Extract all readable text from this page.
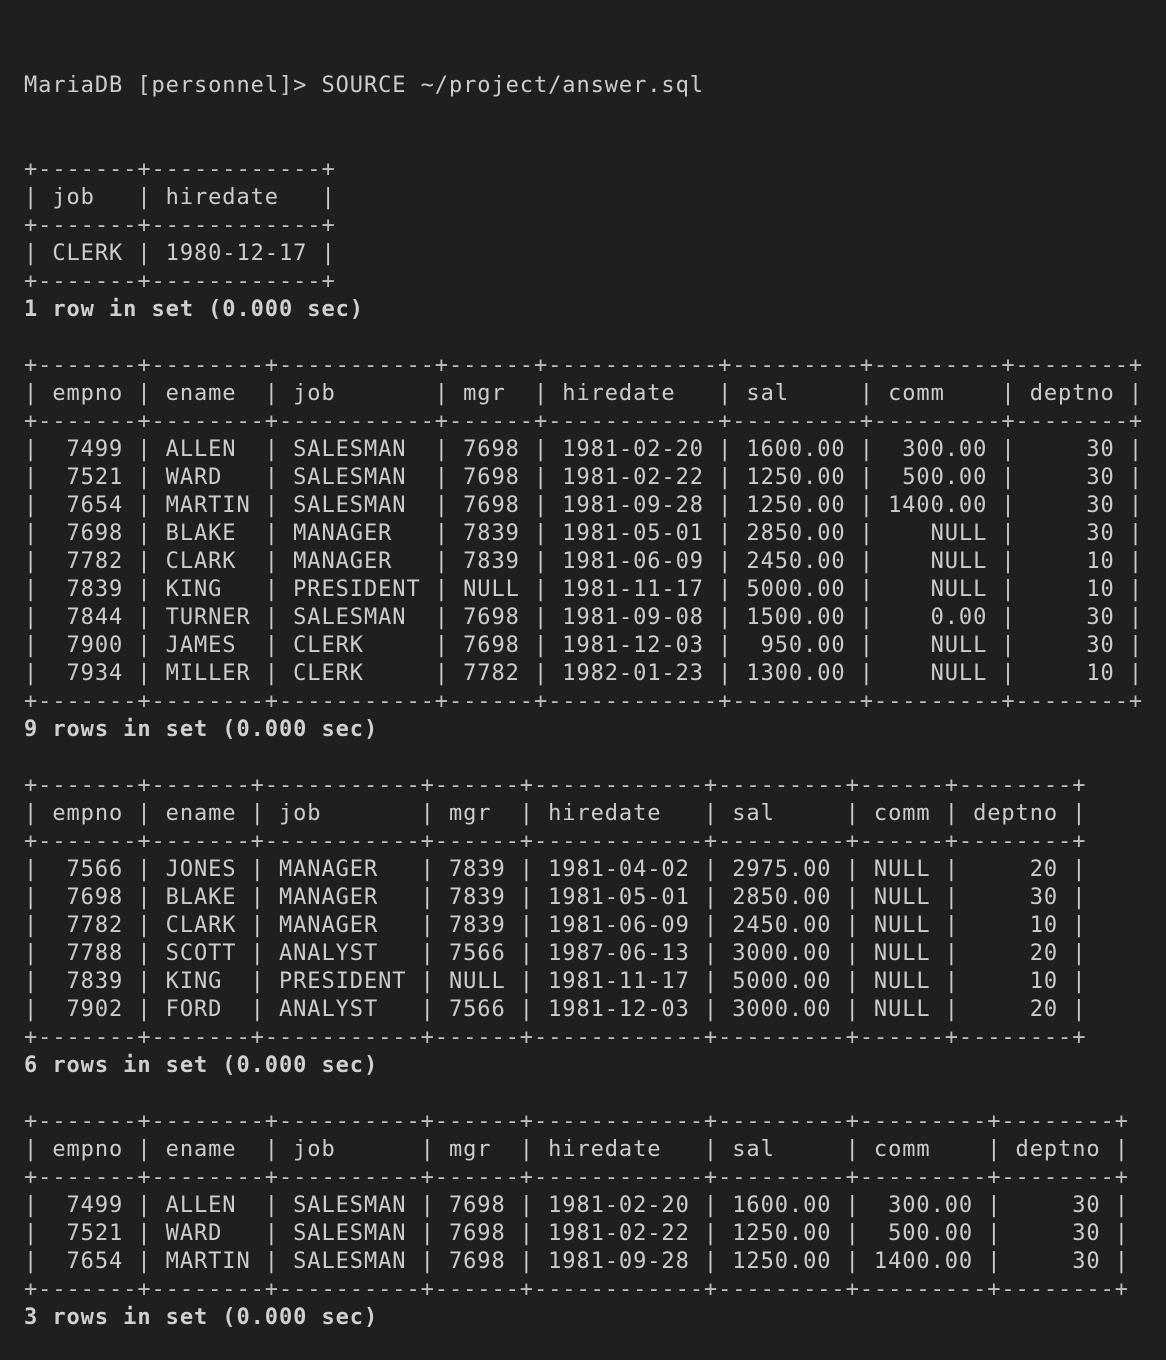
MariaDB [personnel]> SOURCE ~/project/answer.sql

+-------+------------+
| job   | hiredate   |
+-------+------------+
| CLERK | 1980-12-17 |
+-------+------------+
1 row in set (0.000 sec)
+-------+--------+-----------+------+------------+---------+---------+--------+
| empno | ename  | job       | mgr  | hiredate   | sal     | comm    | deptno |
+-------+--------+-----------+------+------------+---------+---------+--------+
|  7499 | ALLEN  | SALESMAN  | 7698 | 1981-02-20 | 1600.00 |  300.00 |     30 |
|  7521 | WARD   | SALESMAN  | 7698 | 1981-02-22 | 1250.00 |  500.00 |     30 |
|  7654 | MARTIN | SALESMAN  | 7698 | 1981-09-28 | 1250.00 | 1400.00 |     30 |
|  7698 | BLAKE  | MANAGER   | 7839 | 1981-05-01 | 2850.00 |    NULL |     30 |
|  7782 | CLARK  | MANAGER   | 7839 | 1981-06-09 | 2450.00 |    NULL |     10 |
|  7839 | KING   | PRESIDENT | NULL | 1981-11-17 | 5000.00 |    NULL |     10 |
|  7844 | TURNER | SALESMAN  | 7698 | 1981-09-08 | 1500.00 |    0.00 |     30 |
|  7900 | JAMES  | CLERK     | 7698 | 1981-12-03 |  950.00 |    NULL |     30 |
|  7934 | MILLER | CLERK     | 7782 | 1982-01-23 | 1300.00 |    NULL |     10 |
+-------+--------+-----------+------+------------+---------+---------+--------+
9 rows in set (0.000 sec)
+-------+-------+-----------+------+------------+---------+------+--------+
| empno | ename | job       | mgr  | hiredate   | sal     | comm | deptno |
+-------+-------+-----------+------+------------+---------+------+--------+
|  7566 | JONES | MANAGER   | 7839 | 1981-04-02 | 2975.00 | NULL |     20 |
|  7698 | BLAKE | MANAGER   | 7839 | 1981-05-01 | 2850.00 | NULL |     30 |
|  7782 | CLARK | MANAGER   | 7839 | 1981-06-09 | 2450.00 | NULL |     10 |
|  7788 | SCOTT | ANALYST   | 7566 | 1987-06-13 | 3000.00 | NULL |     20 |
|  7839 | KING  | PRESIDENT | NULL | 1981-11-17 | 5000.00 | NULL |     10 |
|  7902 | FORD  | ANALYST   | 7566 | 1981-12-03 | 3000.00 | NULL |     20 |
+-------+-------+-----------+------+------------+---------+------+--------+
6 rows in set (0.000 sec)
+-------+--------+----------+------+------------+---------+---------+--------+
| empno | ename  | job      | mgr  | hiredate   | sal     | comm    | deptno |
+-------+--------+----------+------+------------+---------+---------+--------+
|  7499 | ALLEN  | SALESMAN | 7698 | 1981-02-20 | 1600.00 |  300.00 |     30 |
|  7521 | WARD   | SALESMAN | 7698 | 1981-02-22 | 1250.00 |  500.00 |     30 |
|  7654 | MARTIN | SALESMAN | 7698 | 1981-09-28 | 1250.00 | 1400.00 |     30 |
+-------+--------+----------+------+------------+---------+---------+--------+
3 rows in set (0.000 sec)
